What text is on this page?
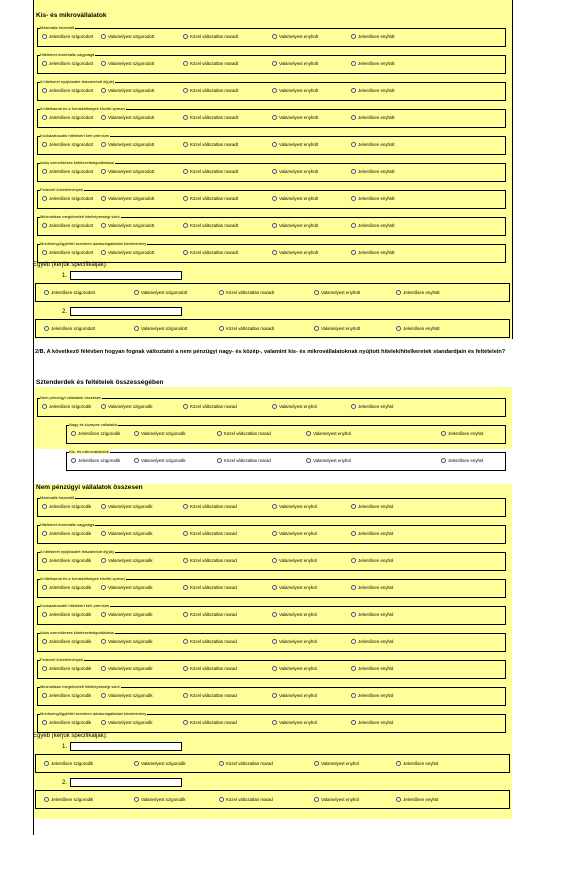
Kis- és mikrovállalatok
Maximális futamidő
Jelentősen szigorodott	Valamelyest szigorodott	Közel változatlan maradt	Valamelyest enyhült	Jelentősen enyhült
Hitelkeret maximális nagysága
Jelentősen szigorodott	Valamelyest szigorodott	Közel változatlan maradt	Valamelyest enyhült	Jelentősen enyhült
A hitelkeret nyújtásáért felszámított díj(ak)
Jelentősen szigorodott	Valamelyest szigorodott	Közel változatlan maradt	Valamelyest enyhült	Jelentősen enyhült
A hitelkamat és a forrásköltségek közötti spread
Jelentősen szigorodott	Valamelyest szigorodott	Közel változatlan maradt	Valamelyest enyhült	Jelentősen enyhült
Kockázatosabb hitelekért kért prémium
Jelentősen szigorodott	Valamelyest szigorodott	Közel változatlan maradt	Valamelyest enyhült	Jelentősen enyhült
Adós szerződéses kötelezettségvállalásai
Jelentősen szigorodott	Valamelyest szigorodott	Közel változatlan maradt	Valamelyest enyhült	Jelentősen enyhült
Fedezeti követelmények
Jelentősen szigorodott	Valamelyest szigorodott	Közel változatlan maradt	Valamelyest enyhült	Jelentősen enyhült
Minimálisan megkövetelt hitelképességi szint
Jelentősen szigorodott	Valamelyest szigorodott	Közel változatlan maradt	Valamelyest enyhült	Jelentősen enyhült
Monitoring/ügyféllel szemben adatszolgáltatási követelmény
Jelentősen szigorodott	Valamelyest szigorodott	Közel változatlan maradt	Valamelyest enyhült	Jelentősen enyhült
Egyéb (kérjük specifikálják):
1.
Jelentősen szigorodott	Valamelyest szigorodott	Közel változatlan maradt	Valamelyest enyhült	Jelentősen enyhült
2.
Jelentősen szigorodott	Valamelyest szigorodott	Közel változatlan maradt	Valamelyest enyhült	Jelentősen enyhült
2/B. A következő félévben hogyan fognak változtatni a nem pénzügyi nagy- és közép-, valamint kis- és mikrovállalatoknak nyújtott hitelek/hitelkeretek standardjain és feltételein?
Sztenderdek és feltételek összességében
Nem pénzügyi vállalatok összesen
Jelentősen szigorodik	Valamelyest szigorodik	Közel változatlan marad	Valamelyest enyhül	Jelentősen enyhül
Nagy és közepes vállalatok
Jelentősen szigorodik	Valamelyest szigorodik	Közel változatlan marad	Valamelyest enyhül	Jelentősen enyhül
Kis- és mikrovállalatok
Jelentősen szigorodik	Valamelyest szigorodik	Közel változatlan marad	Valamelyest enyhül	Jelentősen enyhül
Nem pénzügyi vállalatok összesen
Maximális futamidő
Jelentősen szigorodik	Valamelyest szigorodik	Közel változatlan marad	Valamelyest enyhül	Jelentősen enyhül
Hitelkeret maximális nagysága
Jelentősen szigorodik	Valamelyest szigorodik	Közel változatlan marad	Valamelyest enyhül	Jelentősen enyhül
A hitelkeret nyújtásáért felszámított díj(ak)
Jelentősen szigorodik	Valamelyest szigorodik	Közel változatlan marad	Valamelyest enyhül	Jelentősen enyhül
A hitelkamat és a forrásköltségek közötti spread
Jelentősen szigorodik	Valamelyest szigorodik	Közel változatlan marad	Valamelyest enyhül	Jelentősen enyhül
Kockázatosabb hitelekért kért prémium
Jelentősen szigorodik	Valamelyest szigorodik	Közel változatlan marad	Valamelyest enyhül	Jelentősen enyhül
Adós szerződéses kötelezettségvállalásai
Jelentősen szigorodik	Valamelyest szigorodik	Közel változatlan marad	Valamelyest enyhül	Jelentősen enyhül
Fedezeti követelmények
Jelentősen szigorodik	Valamelyest szigorodik	Közel változatlan marad	Valamelyest enyhül	Jelentősen enyhül
Minimálisan megkövetelt hitelképességi szint
Jelentősen szigorodik	Valamelyest szigorodik	Közel változatlan marad	Valamelyest enyhül	Jelentősen enyhül
Monitoring/ügyféllel szemben adatszolgáltatási követelmény
Jelentősen szigorodik	Valamelyest szigorodik	Közel változatlan marad	Valamelyest enyhül	Jelentősen enyhül
Egyéb (kérjük specifikálják):
1.
Jelentősen szigorodik	Valamelyest szigorodik	Közel változatlan marad	Valamelyest enyhül	Jelentősen enyhül
2.
Jelentősen szigorodik	Valamelyest szigorodik	Közel változatlan marad	Valamelyest enyhül	Jelentősen enyhül
